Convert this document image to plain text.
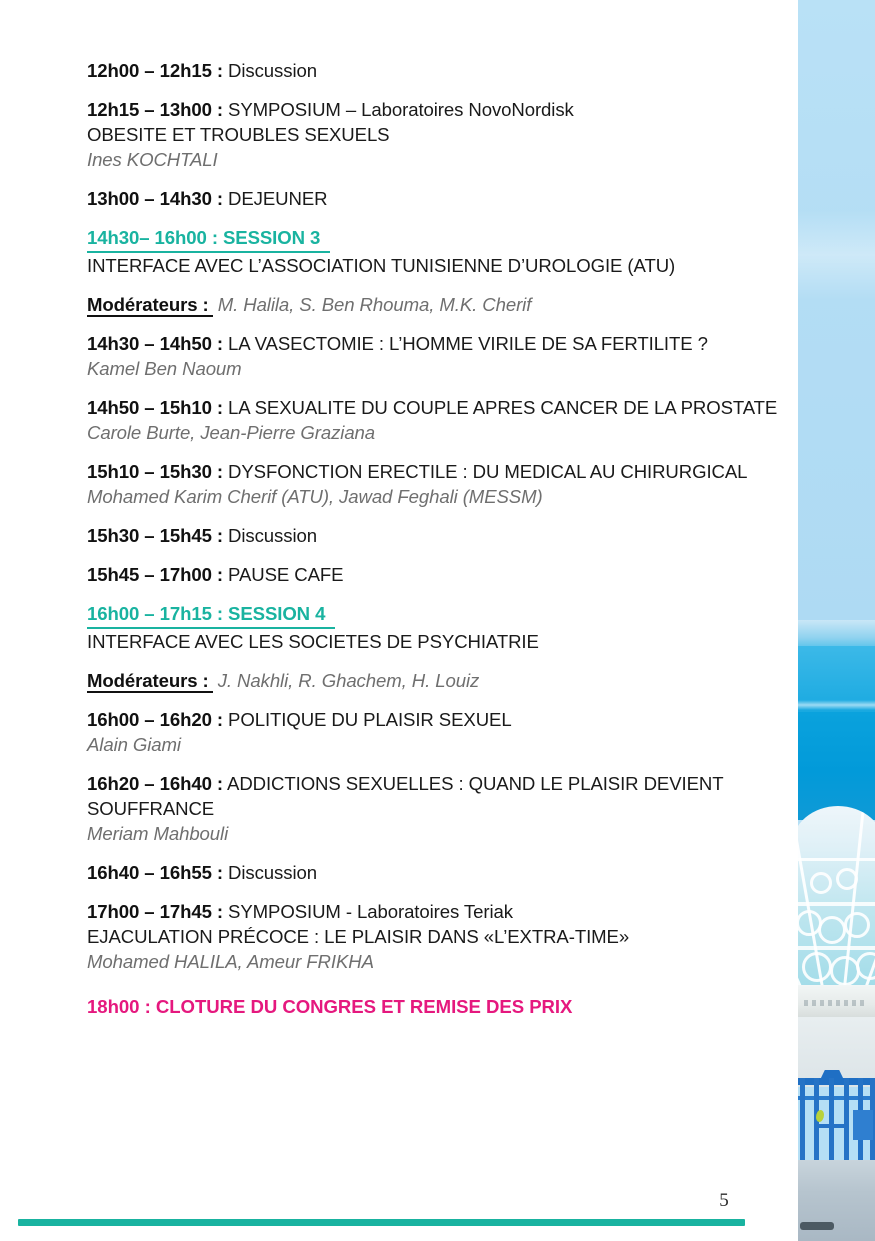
12h00 – 12h15 : Discussion
12h15 – 13h00 : SYMPOSIUM – Laboratoires NovoNordisk
OBESITE ET TROUBLES SEXUELS
Ines KOCHTALI
13h00 – 14h30 : DEJEUNER
14h30– 16h00 : SESSION 3
INTERFACE AVEC L’ASSOCIATION TUNISIENNE D’UROLOGIE (ATU)
Modérateurs : M. Halila, S. Ben Rhouma, M.K. Cherif
14h30 – 14h50 : LA VASECTOMIE : L’HOMME VIRILE DE SA FERTILITE ?
Kamel Ben Naoum
14h50 – 15h10 : LA SEXUALITE DU COUPLE APRES CANCER DE LA PROSTATE
Carole Burte, Jean-Pierre Graziana
15h10 – 15h30 : DYSFONCTION ERECTILE : DU MEDICAL AU CHIRURGICAL
Mohamed Karim Cherif (ATU), Jawad Feghali (MESSM)
15h30 – 15h45 : Discussion
15h45 – 17h00 : PAUSE CAFE
16h00 – 17h15 : SESSION 4
INTERFACE AVEC LES SOCIETES DE PSYCHIATRIE
Modérateurs : J. Nakhli, R. Ghachem, H. Louiz
16h00 – 16h20 : POLITIQUE DU PLAISIR SEXUEL
Alain Giami
16h20 – 16h40 : ADDICTIONS SEXUELLES : QUAND LE PLAISIR DEVIENT SOUFFRANCE
Meriam Mahbouli
16h40 – 16h55 : Discussion
17h00 – 17h45 : SYMPOSIUM - Laboratoires Teriak
EJACULATION PRÉCOCE : LE PLAISIR DANS «L’EXTRA-TIME»
Mohamed HALILA, Ameur FRIKHA
18h00 : CLOTURE DU CONGRES ET REMISE DES PRIX
5
